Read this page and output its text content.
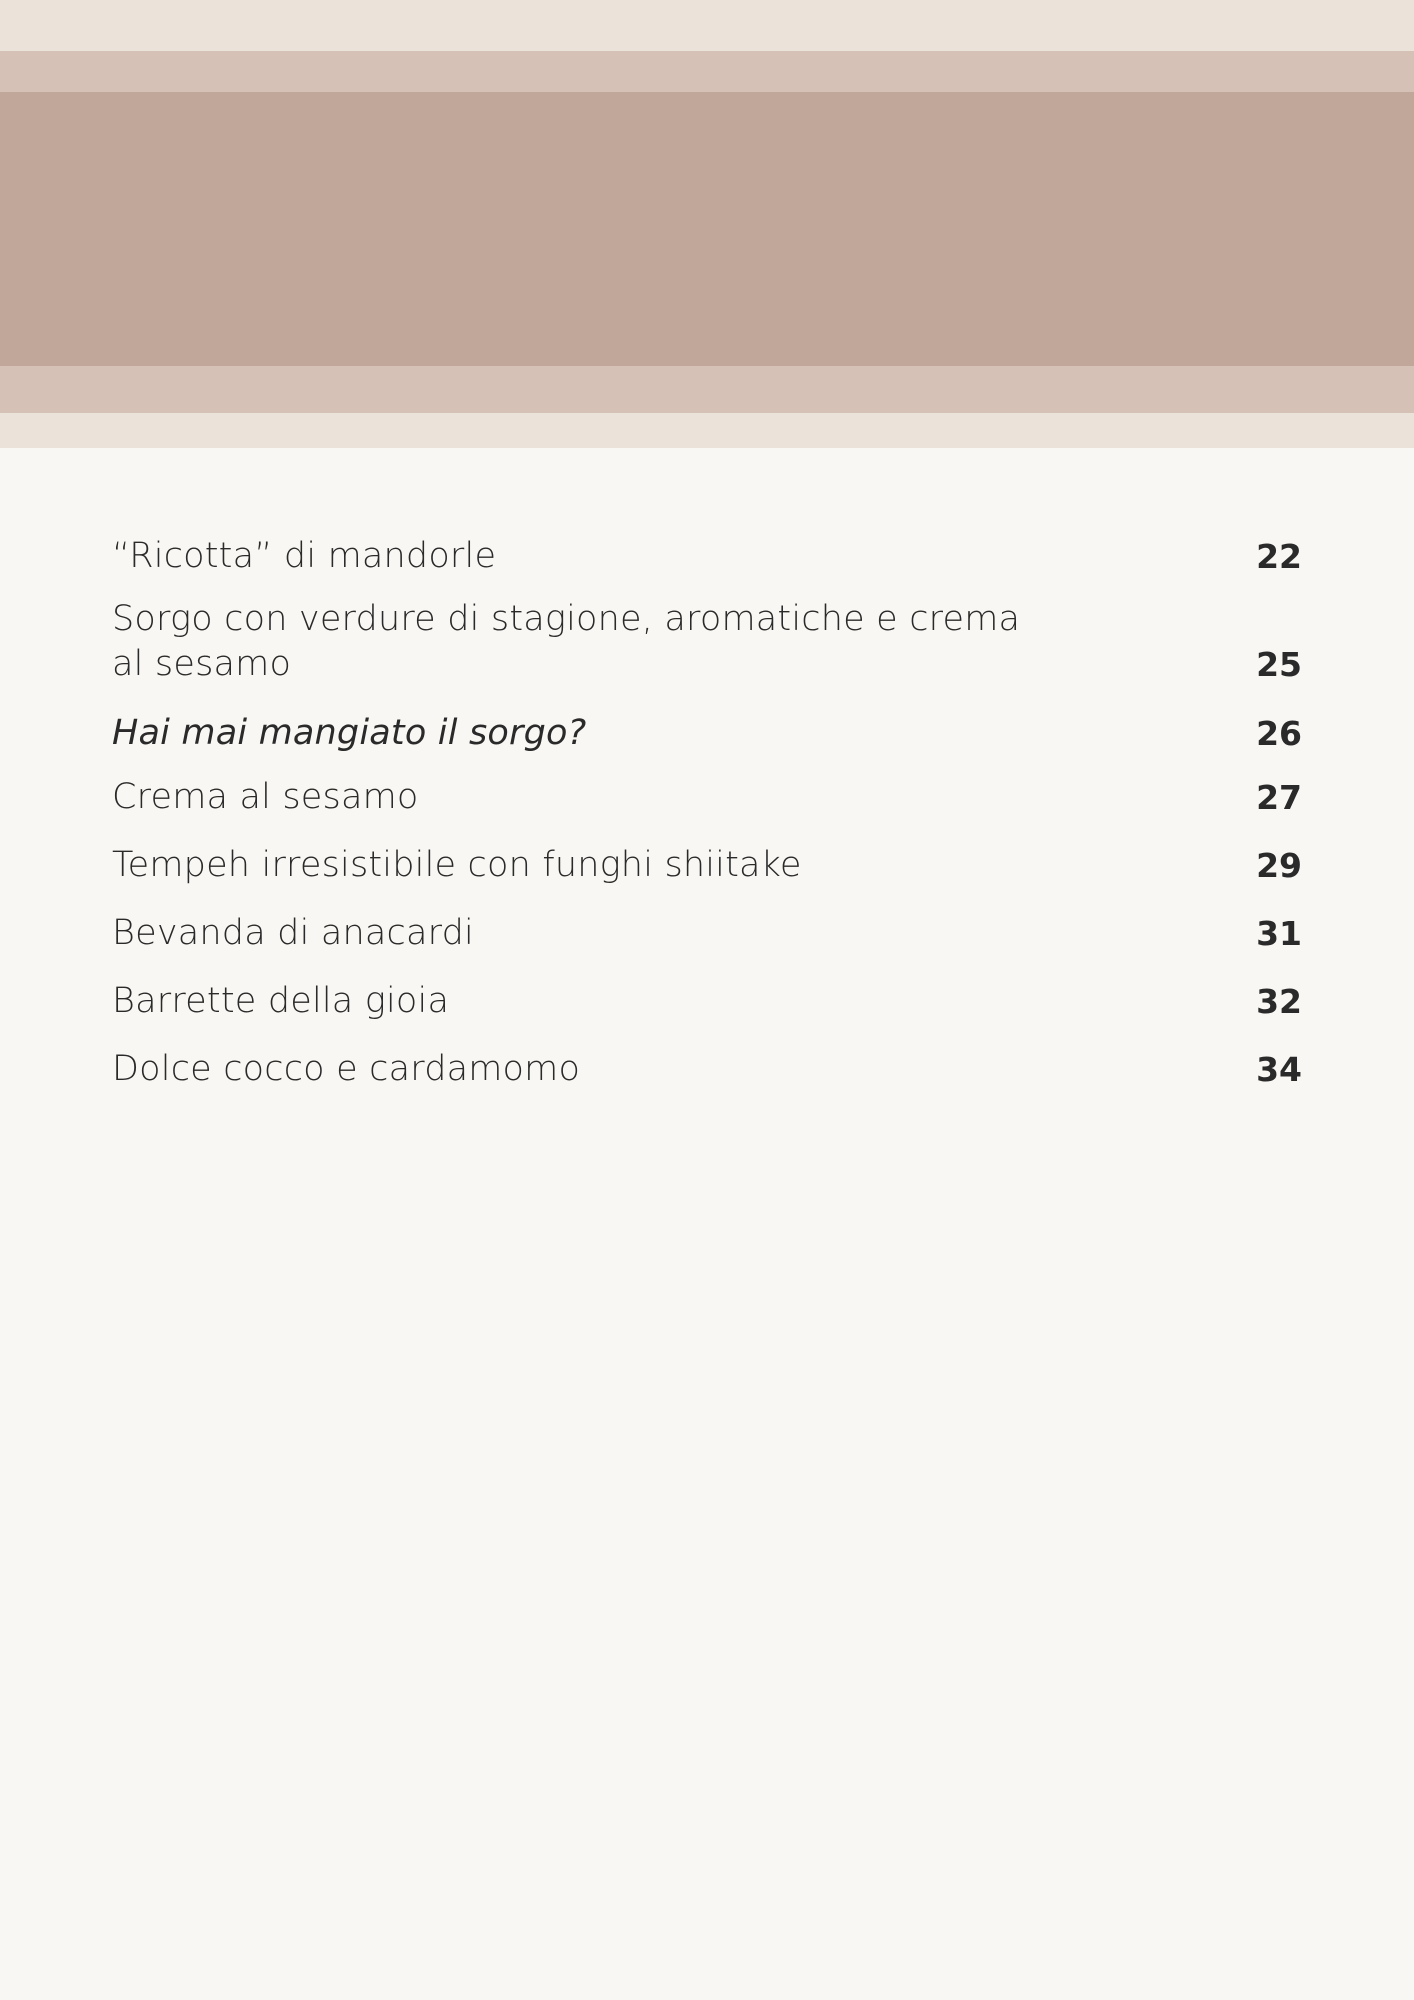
“Ricotta” di mandorle	22
Sorgo con verdure di stagione, aromatiche e crema al sesamo	25
Hai mai mangiato il sorgo?	26
Crema al sesamo	27
Tempeh irresistibile con funghi shiitake	29
Bevanda di anacardi	31
Barrette della gioia	32
Dolce cocco e cardamomo	34
